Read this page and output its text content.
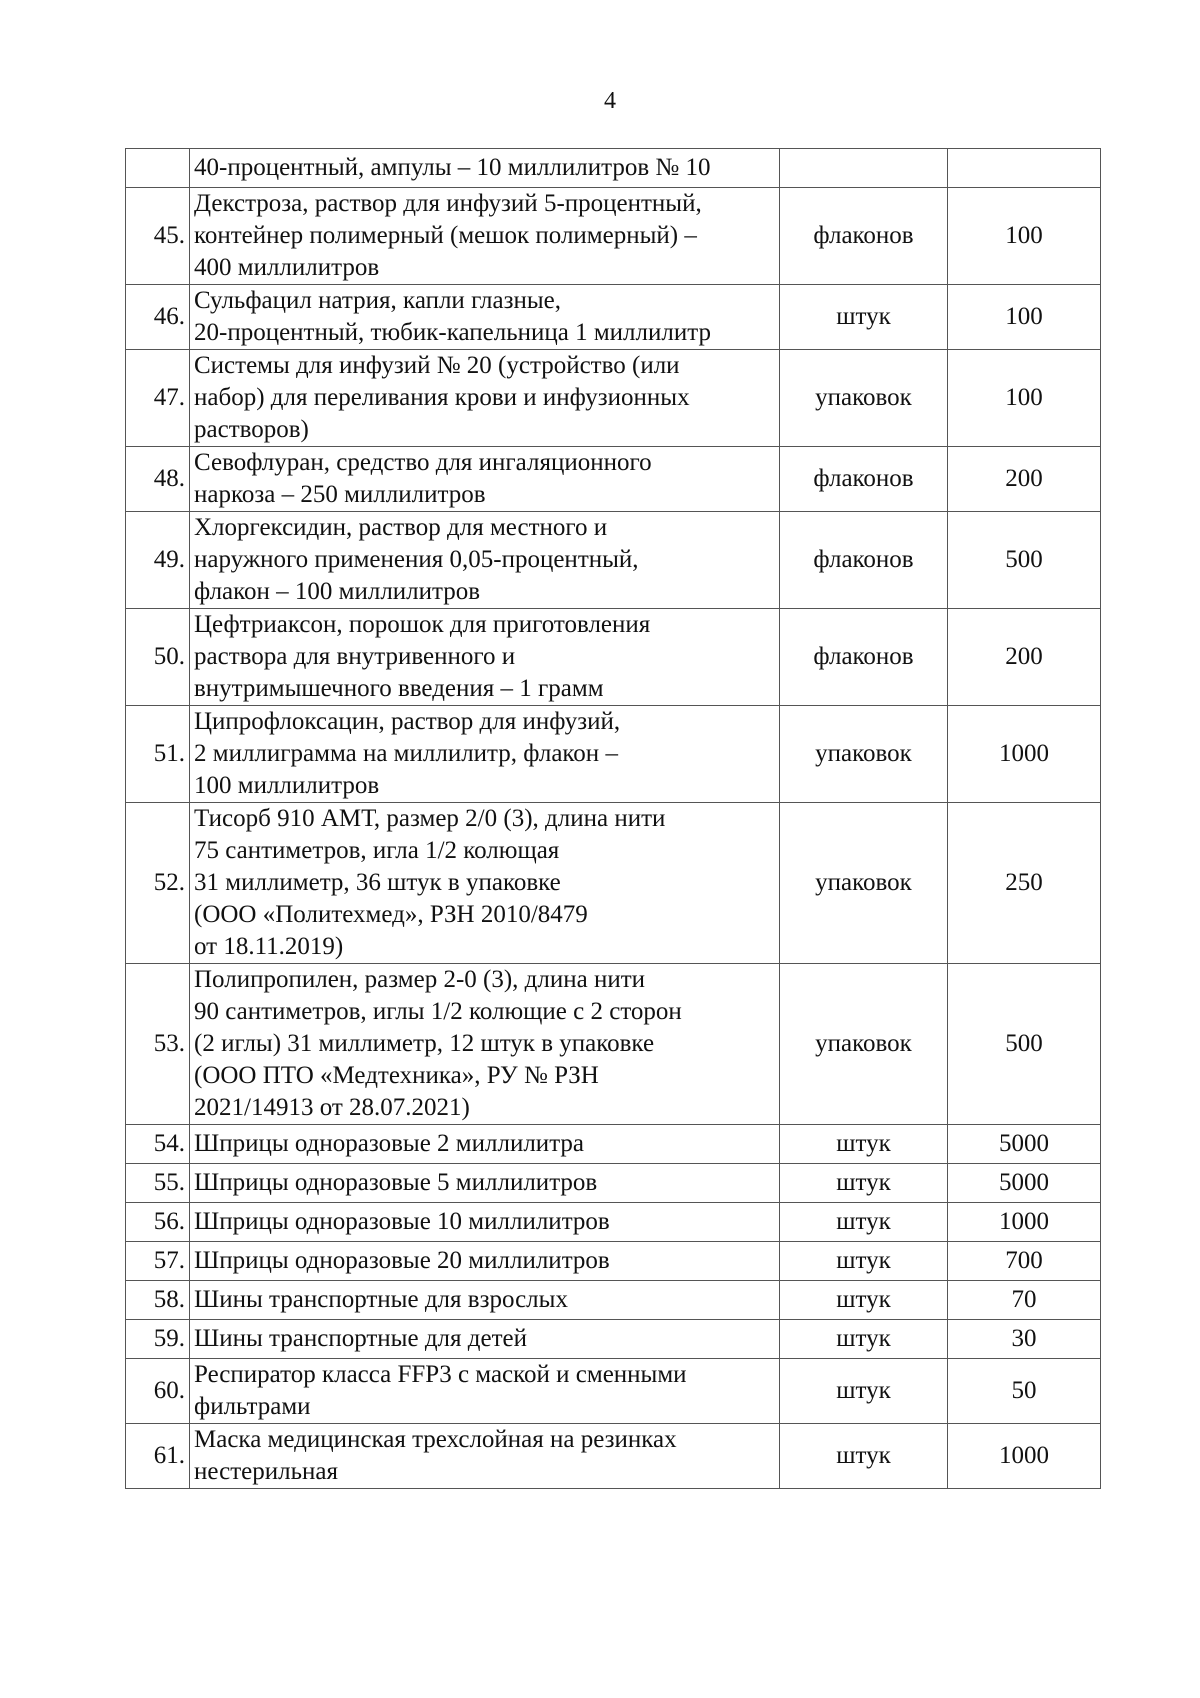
4
	40-процентный, ампулы – 10 миллилитров № 10		
45.	Декстроза, раствор для инфузий 5-процентный,
контейнер полимерный (мешок полимерный) –
400 миллилитров	флаконов	100
46.	Сульфацил натрия, капли глазные,
20-процентный, тюбик-капельница 1 миллилитр	штук	100
47.	Системы для инфузий № 20 (устройство (или
набор) для переливания крови и инфузионных
растворов)	упаковок	100
48.	Севофлуран, средство для ингаляционного
наркоза – 250 миллилитров	флаконов	200
49.	Хлоргексидин, раствор для местного и
наружного применения 0,05-процентный,
флакон – 100 миллилитров	флаконов	500
50.	Цефтриаксон, порошок для приготовления
раствора для внутривенного и
внутримышечного введения – 1 грамм	флаконов	200
51.	Ципрофлоксацин, раствор для инфузий,
2 миллиграмма на миллилитр, флакон –
100 миллилитров	упаковок	1000
52.	Тисорб 910 АМТ, размер 2/0 (3), длина нити
75 сантиметров, игла 1/2 колющая
31 миллиметр, 36 штук в упаковке
(ООО «Политехмед», РЗН 2010/8479
от 18.11.2019)	упаковок	250
53.	Полипропилен, размер 2-0 (3), длина нити
90 сантиметров, иглы 1/2 колющие с 2 сторон
(2 иглы) 31 миллиметр, 12 штук в упаковке
(ООО ПТО «Медтехника», РУ № РЗН
2021/14913 от 28.07.2021)	упаковок	500
54.	Шприцы одноразовые 2 миллилитра	штук	5000
55.	Шприцы одноразовые 5 миллилитров	штук	5000
56.	Шприцы одноразовые 10 миллилитров	штук	1000
57.	Шприцы одноразовые 20 миллилитров	штук	700
58.	Шины транспортные для взрослых	штук	70
59.	Шины транспортные для детей	штук	30
60.	Респиратор класса FFP3 с маской и сменными
фильтрами	штук	50
61.	Маска медицинская трехслойная на резинках
нестерильная	штук	1000
